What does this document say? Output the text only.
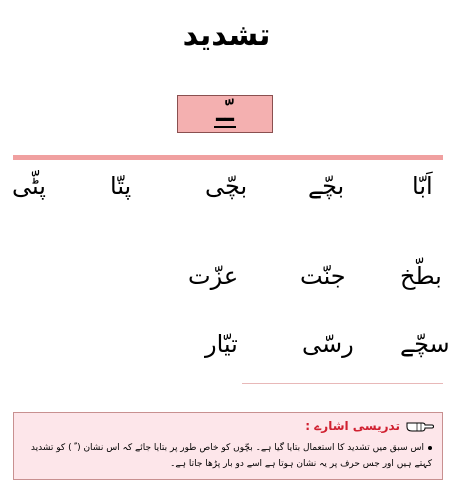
تشدید
ـّـ
اَبّا
بچّے
بچّی
پتّا
پٹّی
بطّخ
جنّت
عزّت
سچّے
رسّی
تیّار
تدریسی اشارے :
اس سبق میں تشدید کا استعمال بتایا گیا ہے۔ بچّوں کو خاص طور پر بتایا جائے کہ اس نشان ( ّ ) کو تشدید کہتے ہیں اور جس حرف پر یہ نشان ہوتا ہے اسے دو بار پڑھا جاتا ہے۔
